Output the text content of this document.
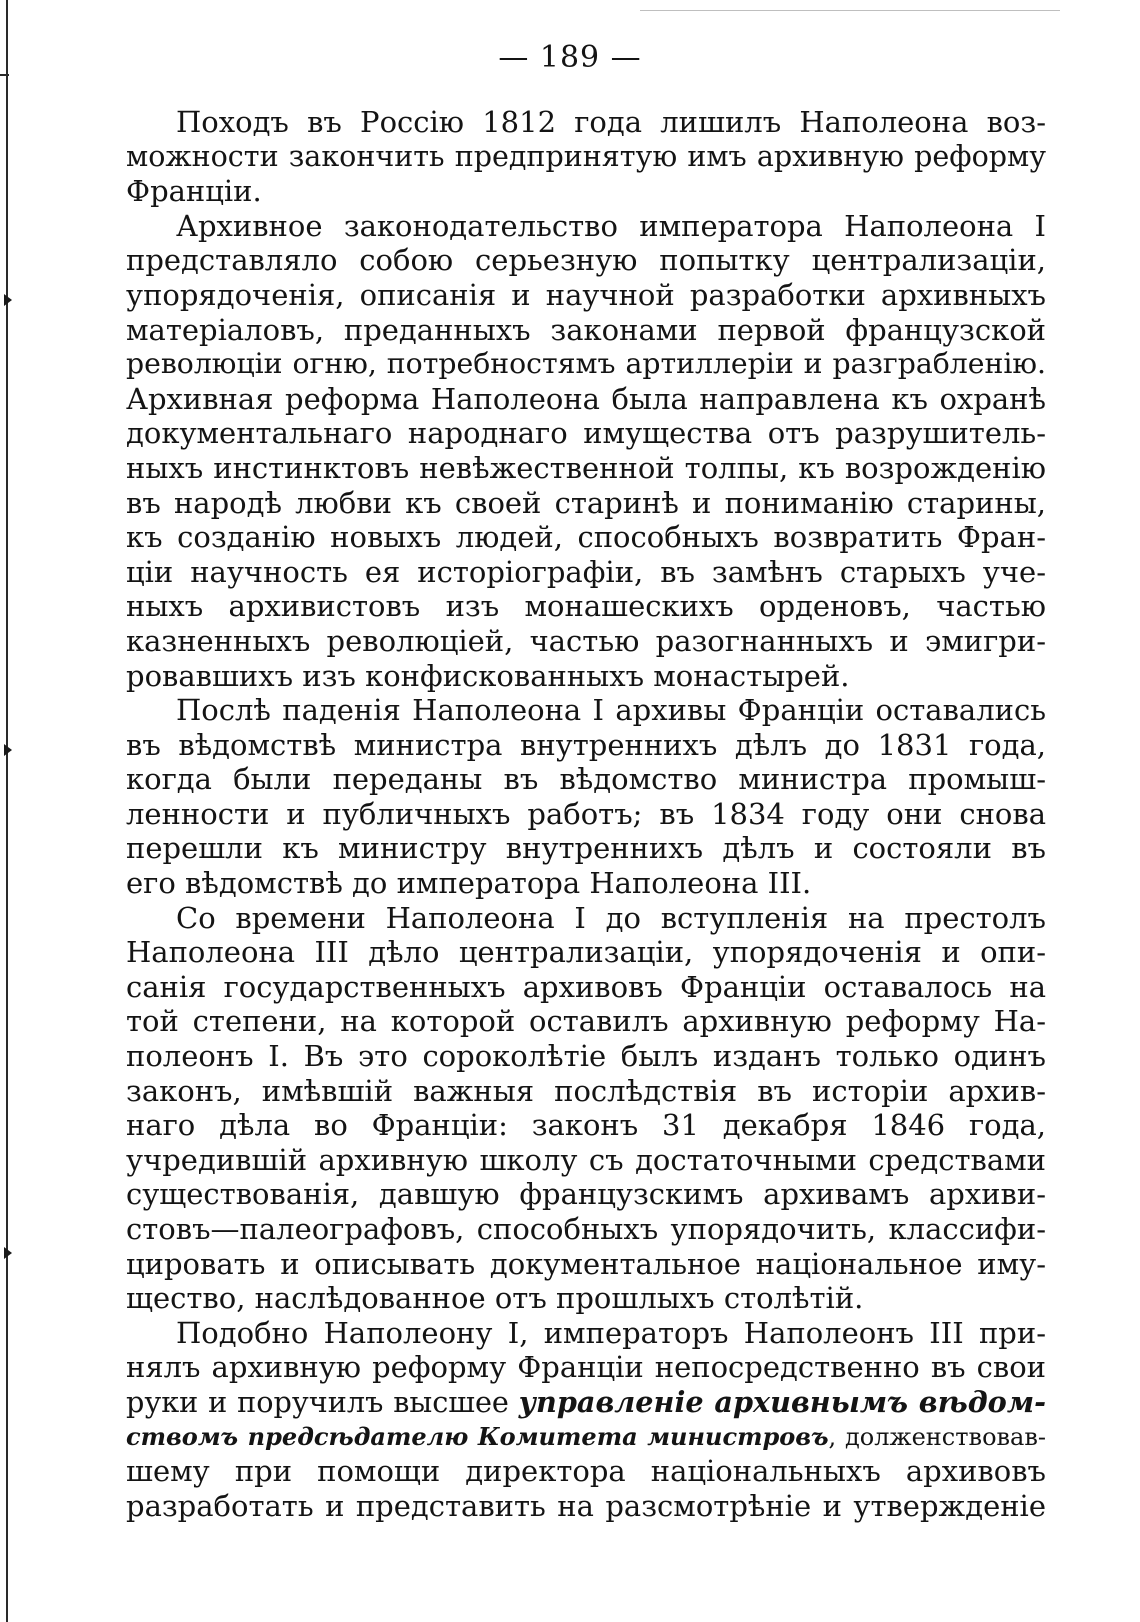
— 189 —
Походъ въ Россію 1812 года лишилъ Наполеона воз-
можности закончить предпринятую имъ архивную реформу
Франціи.
Архивное законодательство императора Наполеона I
представляло собою серьезную попытку централизаціи,
упорядоченія, описанія и научной разработки архивныхъ
матеріаловъ, преданныхъ законами первой французской
революціи огню, потребностямъ артиллеріи и разграбленію.
Архивная реформа Наполеона была направлена къ охранѣ
документальнаго народнаго имущества отъ разрушитель-
ныхъ инстинктовъ невѣжественной толпы, къ возрожденію
въ народѣ любви къ своей старинѣ и пониманію старины,
къ созданію новыхъ людей, способныхъ возвратить Фран-
ціи научность ея исторіографіи, въ замѣнъ старыхъ уче-
ныхъ архивистовъ изъ монашескихъ орденовъ, частью
казненныхъ революціей, частью разогнанныхъ и эмигри-
ровавшихъ изъ конфискованныхъ монастырей.
Послѣ паденія Наполеона I архивы Франціи оставались
въ вѣдомствѣ министра внутреннихъ дѣлъ до 1831 года,
когда были переданы въ вѣдомство министра промыш-
ленности и публичныхъ работъ; въ 1834 году они снова
перешли къ министру внутреннихъ дѣлъ и состояли въ
его вѣдомствѣ до императора Наполеона III.
Со времени Наполеона I до вступленія на престолъ
Наполеона III дѣло централизаціи, упорядоченія и опи-
санія государственныхъ архивовъ Франціи оставалось на
той степени, на которой оставилъ архивную реформу На-
полеонъ I. Въ это сороколѣтіе былъ изданъ только одинъ
законъ, имѣвшій важныя послѣдствія въ исторіи архив-
наго дѣла во Франціи: законъ 31 декабря 1846 года,
учредившій архивную школу съ достаточными средствами
существованія, давшую французскимъ архивамъ архиви-
стовъ—палеографовъ, способныхъ упорядочить, классифи-
цировать и описывать документальное національное иму-
щество, наслѣдованное отъ прошлыхъ столѣтій.
Подобно Наполеону I, императоръ Наполеонъ III при-
нялъ архивную реформу Франціи непосредственно въ свои
руки и поручилъ высшее управленіе архивнымъ вѣдом-
ствомъ предсѣдателю Комитета министровъ, долженствовав-
шему при помощи директора національныхъ архивовъ
разработать и представить на разсмотрѣніе и утвержденіе
